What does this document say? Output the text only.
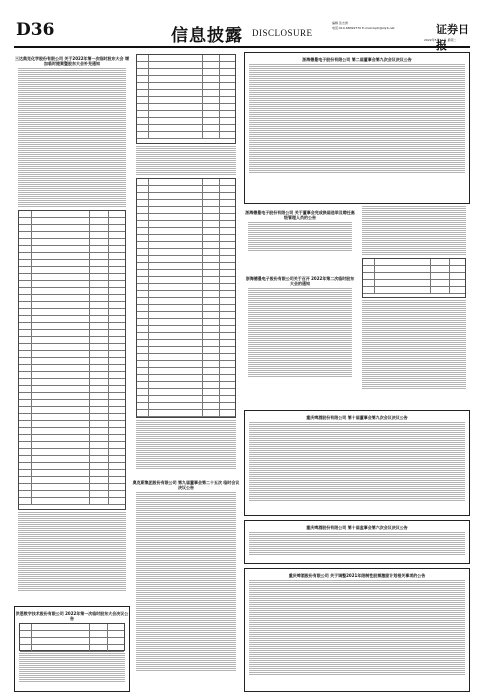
D36	信息披露 DISCLOSURE
编辑 张志洲
电话:010-68099770 E-mail:zqrb@zqrb.net	证券日报
2022年5月31日 星期二
三达奥克化学股份有限公司 关于2022年第一次临时股东大会 增加临时提案暨股东大会补充通知
洪恩数字技术股份有限公司 2022年第一次临时股东大会决议公告
奥克斯集团股份有限公司 第九届董事会第二十五次 临时会议决议公告
浙海德曼电子股份有限公司 第二届董事会第九次会议决议公告
浙海德曼电子股份有限公司 关于董事会完成换届选举及聘任高级管理人员的公告
浙海德曼电子股份有限公司关于召开 2022年第二次临时股东大会的通知
重庆啤酒股份有限公司 第十届董事会第九次会议决议公告
重庆啤酒股份有限公司 第十届监事会第六次会议决议公告
重庆啤酒股份有限公司 关于调整2021年限制性股票激励计划相关事项的公告
